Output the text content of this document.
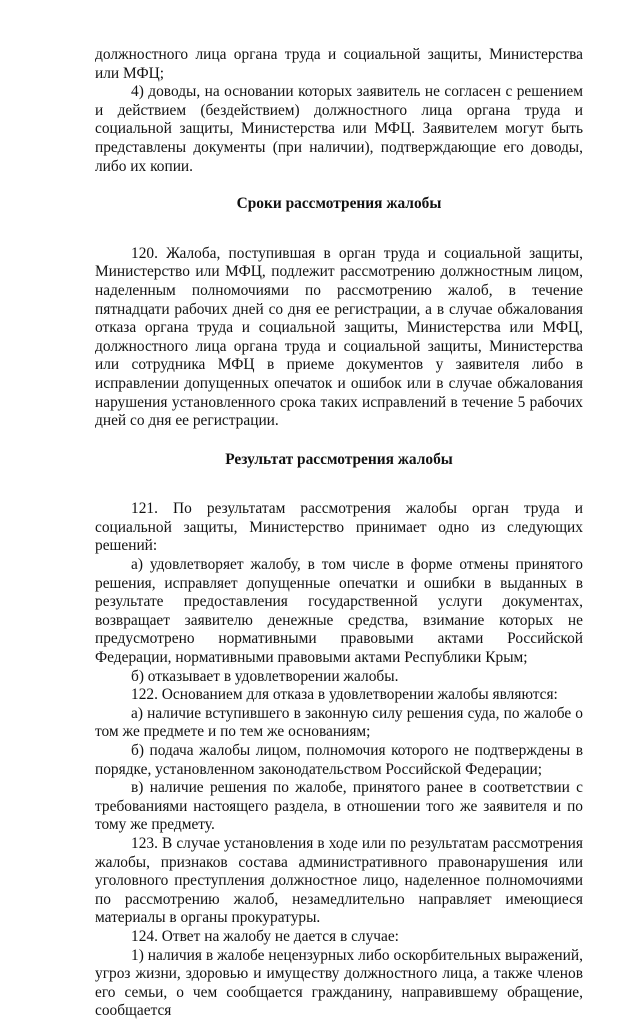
должностного лица органа труда и социальной защиты, Министерства или МФЦ;

4) доводы, на основании которых заявитель не согласен с решением и действием (бездействием) должностного лица органа труда и социальной защиты, Министерства или МФЦ. Заявителем могут быть представлены документы (при наличии), подтверждающие его доводы, либо их копии.

Сроки рассмотрения жалобы

120. Жалоба, поступившая в орган труда и социальной защиты, Министерство или МФЦ, подлежит рассмотрению должностным лицом, наделенным полномочиями по рассмотрению жалоб, в течение пятнадцати рабочих дней со дня ее регистрации, а в случае обжалования отказа органа труда и социальной защиты, Министерства или МФЦ, должностного лица органа труда и социальной защиты, Министерства или сотрудника МФЦ в приеме документов у заявителя либо в исправлении допущенных опечаток и ошибок или в случае обжалования нарушения установленного срока таких исправлений в течение 5 рабочих дней со дня ее регистрации.

Результат рассмотрения жалобы

121. По результатам рассмотрения жалобы орган труда и социальной защиты, Министерство принимает одно из следующих решений:

а) удовлетворяет жалобу, в том числе в форме отмены принятого решения, исправляет допущенные опечатки и ошибки в выданных в результате предоставления государственной услуги документах, возвращает заявителю денежные средства, взимание которых не предусмотрено нормативными правовыми актами Российской Федерации, нормативными правовыми актами Республики Крым;

б) отказывает в удовлетворении жалобы.

122. Основанием для отказа в удовлетворении жалобы являются:

а) наличие вступившего в законную силу решения суда, по жалобе о том же предмете и по тем же основаниям;

б) подача жалобы лицом, полномочия которого не подтверждены в порядке, установленном законодательством Российской Федерации;

в) наличие решения по жалобе, принятого ранее в соответствии с требованиями настоящего раздела, в отношении того же заявителя и по тому же предмету.

123. В случае установления в ходе или по результатам рассмотрения жалобы, признаков состава административного правонарушения или уголовного преступления должностное лицо, наделенное полномочиями по рассмотрению жалоб, незамедлительно направляет имеющиеся материалы в органы прокуратуры.

124. Ответ на жалобу не дается в случае:

1) наличия в жалобе нецензурных либо оскорбительных выражений, угроз жизни, здоровью и имуществу должностного лица, а также членов его семьи, о чем сообщается гражданину, направившему обращение, сообщается
